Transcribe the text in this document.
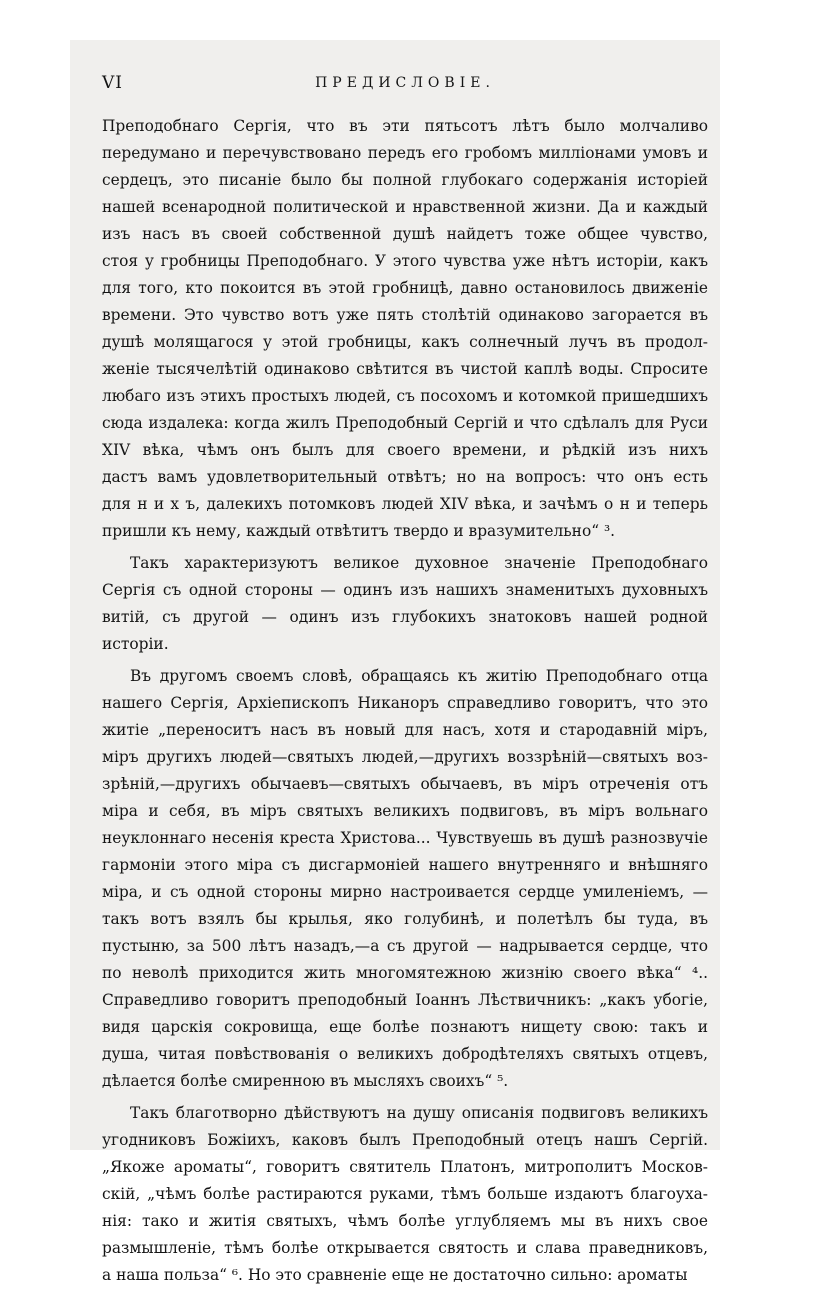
VI	ПРЕДИСЛОВІЕ.
Преподобнаго Сергія, что въ эти пятьсотъ лѣтъ было молчаливо
передумано и перечувствовано передъ его гробомъ милліонами умовъ и
сердецъ, это писаніе было бы полной глубокаго содержанія исторіей
нашей всенародной политической и нравственной жизни. Да и каждый
изъ насъ въ своей собственной душѣ найдетъ тоже общее чувство,
стоя у гробницы Преподобнаго. У этого чувства уже нѣтъ исторіи, какъ
для того, кто покоится въ этой гробницѣ, давно остановилось движеніе
времени. Это чувство вотъ уже пять столѣтій одинаково загорается въ
душѣ молящагося у этой гробницы, какъ солнечный лучъ въ продол-
женіе тысячелѣтій одинаково свѣтится въ чистой каплѣ воды. Спросите
любаго изъ этихъ простыхъ людей, съ посохомъ и котомкой пришедшихъ
сюда издалека: когда жилъ Преподобный Сергій и что сдѣлалъ для Руси
XIV вѣка, чѣмъ онъ былъ для своего времени, и рѣдкій изъ нихъ
дастъ вамъ удовлетворительный отвѣтъ; но на вопросъ: что онъ есть
для н и х ъ, далекихъ потомковъ людей XIV вѣка, и зачѣмъ о н и теперь
пришли къ нему, каждый отвѣтитъ твердо и вразумительно“ ³.
Такъ характеризуютъ великое духовное значеніе Преподобнаго
Сергія съ одной стороны — одинъ изъ нашихъ знаменитыхъ духовныхъ
витій, съ другой — одинъ изъ глубокихъ знатоковъ нашей родной
исторіи.
Въ другомъ своемъ словѣ, обращаясь къ житію Преподобнаго отца
нашего Сергія, Архіепископъ Никаноръ справедливо говоритъ, что это
житіе „переноситъ насъ въ новый для насъ, хотя и стародавній міръ,
міръ другихъ людей—святыхъ людей,—другихъ воззрѣній—святыхъ воз-
зрѣній,—другихъ обычаевъ—святыхъ обычаевъ, въ міръ отреченія отъ
міра и себя, въ міръ святыхъ великихъ подвиговъ, въ міръ вольнаго
неуклоннаго несенія креста Христова... Чувствуешь въ душѣ разнозвучіе
гармоніи этого міра съ дисгармоніей нашего внутренняго и внѣшняго
міра, и съ одной стороны мирно настроивается сердце умиленіемъ, —
такъ вотъ взялъ бы крылья, яко голубинѣ, и полетѣлъ бы туда, въ
пустыню, за 500 лѣтъ назадъ,—а съ другой — надрывается сердце, что
по неволѣ приходится жить многомятежною жизнію своего вѣка“ ⁴..
Справедливо говоритъ преподобный Іоаннъ Лѣствичникъ: „какъ убогіе,
видя царскія сокровища, еще болѣе познаютъ нищету свою: такъ и
душа, читая повѣствованія о великихъ добродѣтеляхъ святыхъ отцевъ,
дѣлается болѣе смиренною въ мысляхъ своихъ“ ⁵.
Такъ благотворно дѣйствуютъ на душу описанія подвиговъ великихъ
угодниковъ Божіихъ, каковъ былъ Преподобный отецъ нашъ Сергій.
„Якоже ароматы“, говоритъ святитель Платонъ, митрополитъ Москов-
скій, „чѣмъ болѣе растираются руками, тѣмъ больше издаютъ благоуха-
нія: тако и житія святыхъ, чѣмъ болѣе углубляемъ мы въ нихъ свое
размышленіе, тѣмъ болѣе открывается святость и слава праведниковъ,
а наша польза“ ⁶. Но это сравненіе еще не достаточно сильно: ароматы
